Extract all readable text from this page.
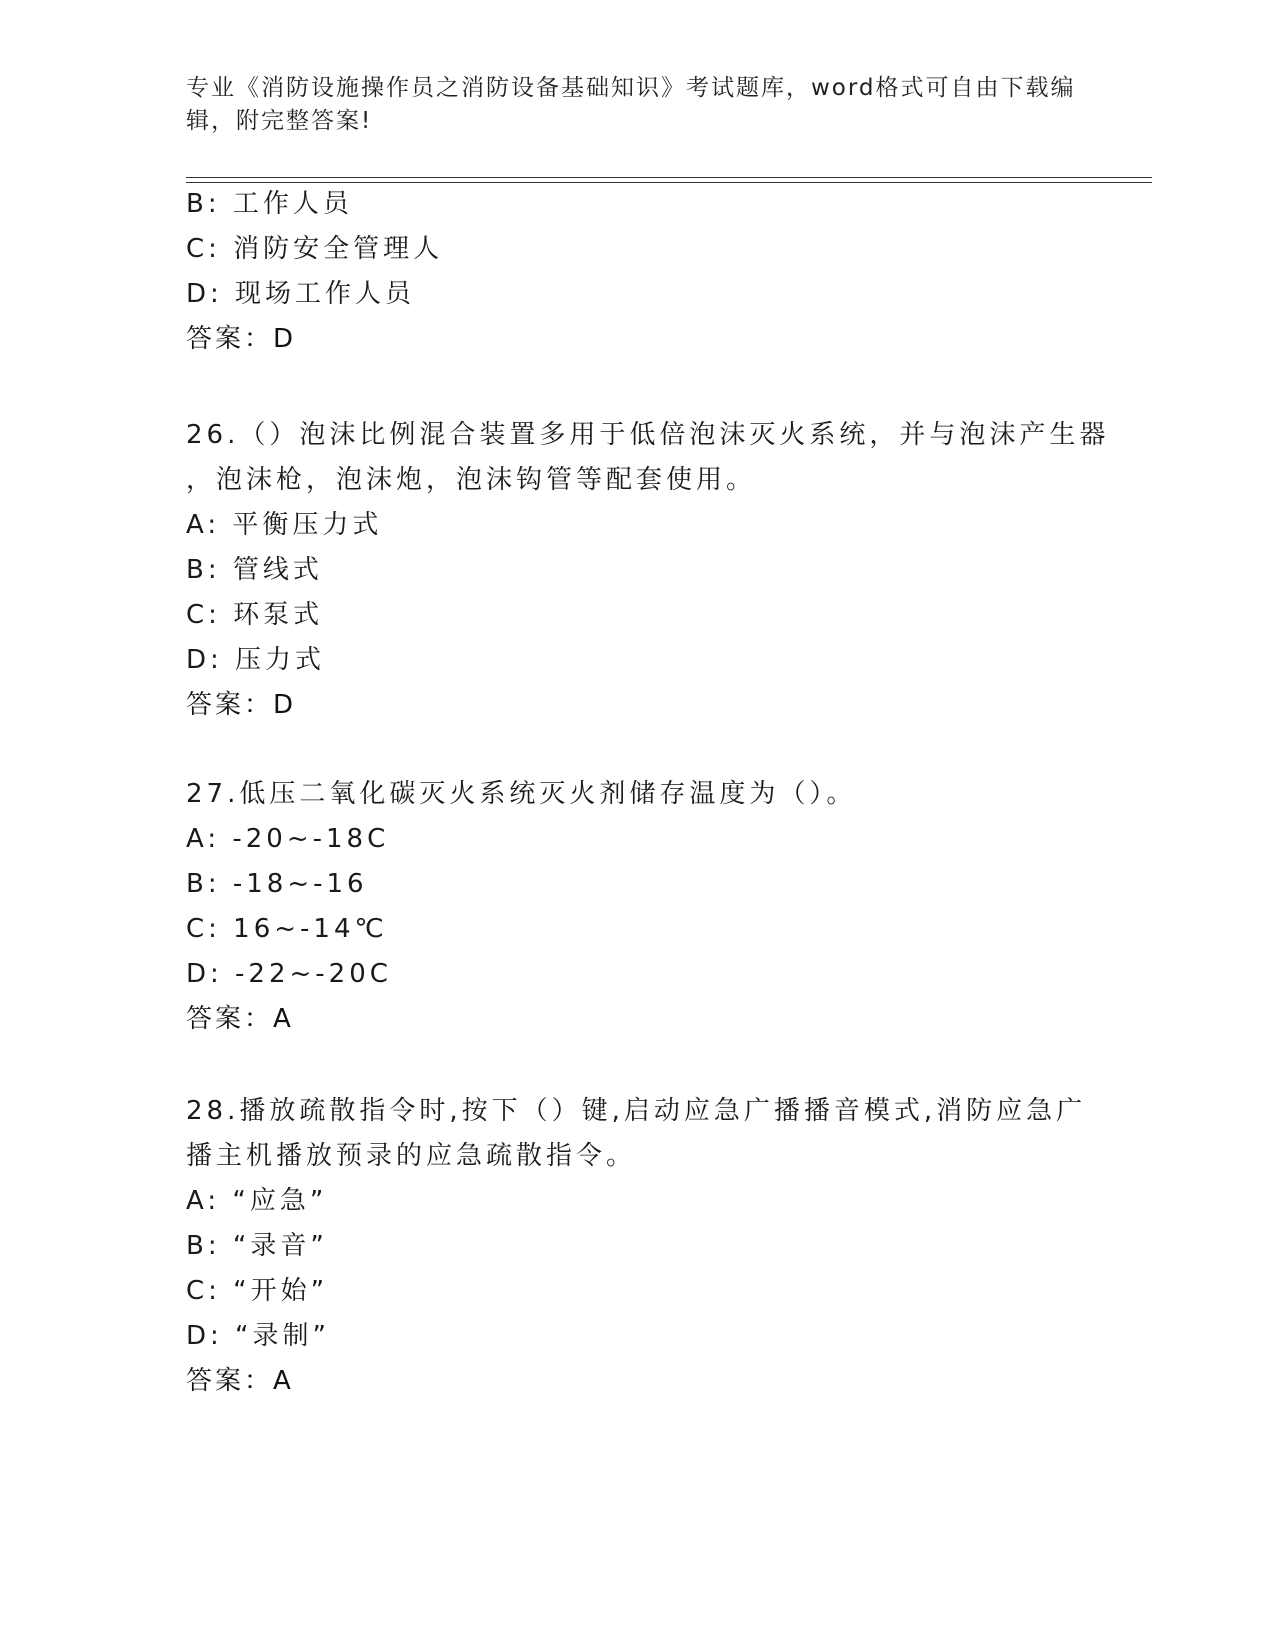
专业《消防设施操作员之消防设备基础知识》考试题库，word格式可自由下载编
辑，附完整答案!
B: 工作人员
C: 消防安全管理人
D: 现场工作人员
答案：D
26.（）泡沫比例混合装置多用于低倍泡沫灭火系统，并与泡沫产生器
，泡沫枪，泡沫炮，泡沫钩管等配套使用。
A: 平衡压力式
B: 管线式
C: 环泵式
D: 压力式
答案：D
27.低压二氧化碳灭火系统灭火剂储存温度为（）。
A: -20~-18C
B: -18~-16
C: 16~-14℃
D: -22~-20C
答案：A
28.播放疏散指令时,按下（）键,启动应急广播播音模式,消防应急广
播主机播放预录的应急疏散指令。
A: “应急”
B: “录音”
C: “开始”
D: “录制”
答案：A
